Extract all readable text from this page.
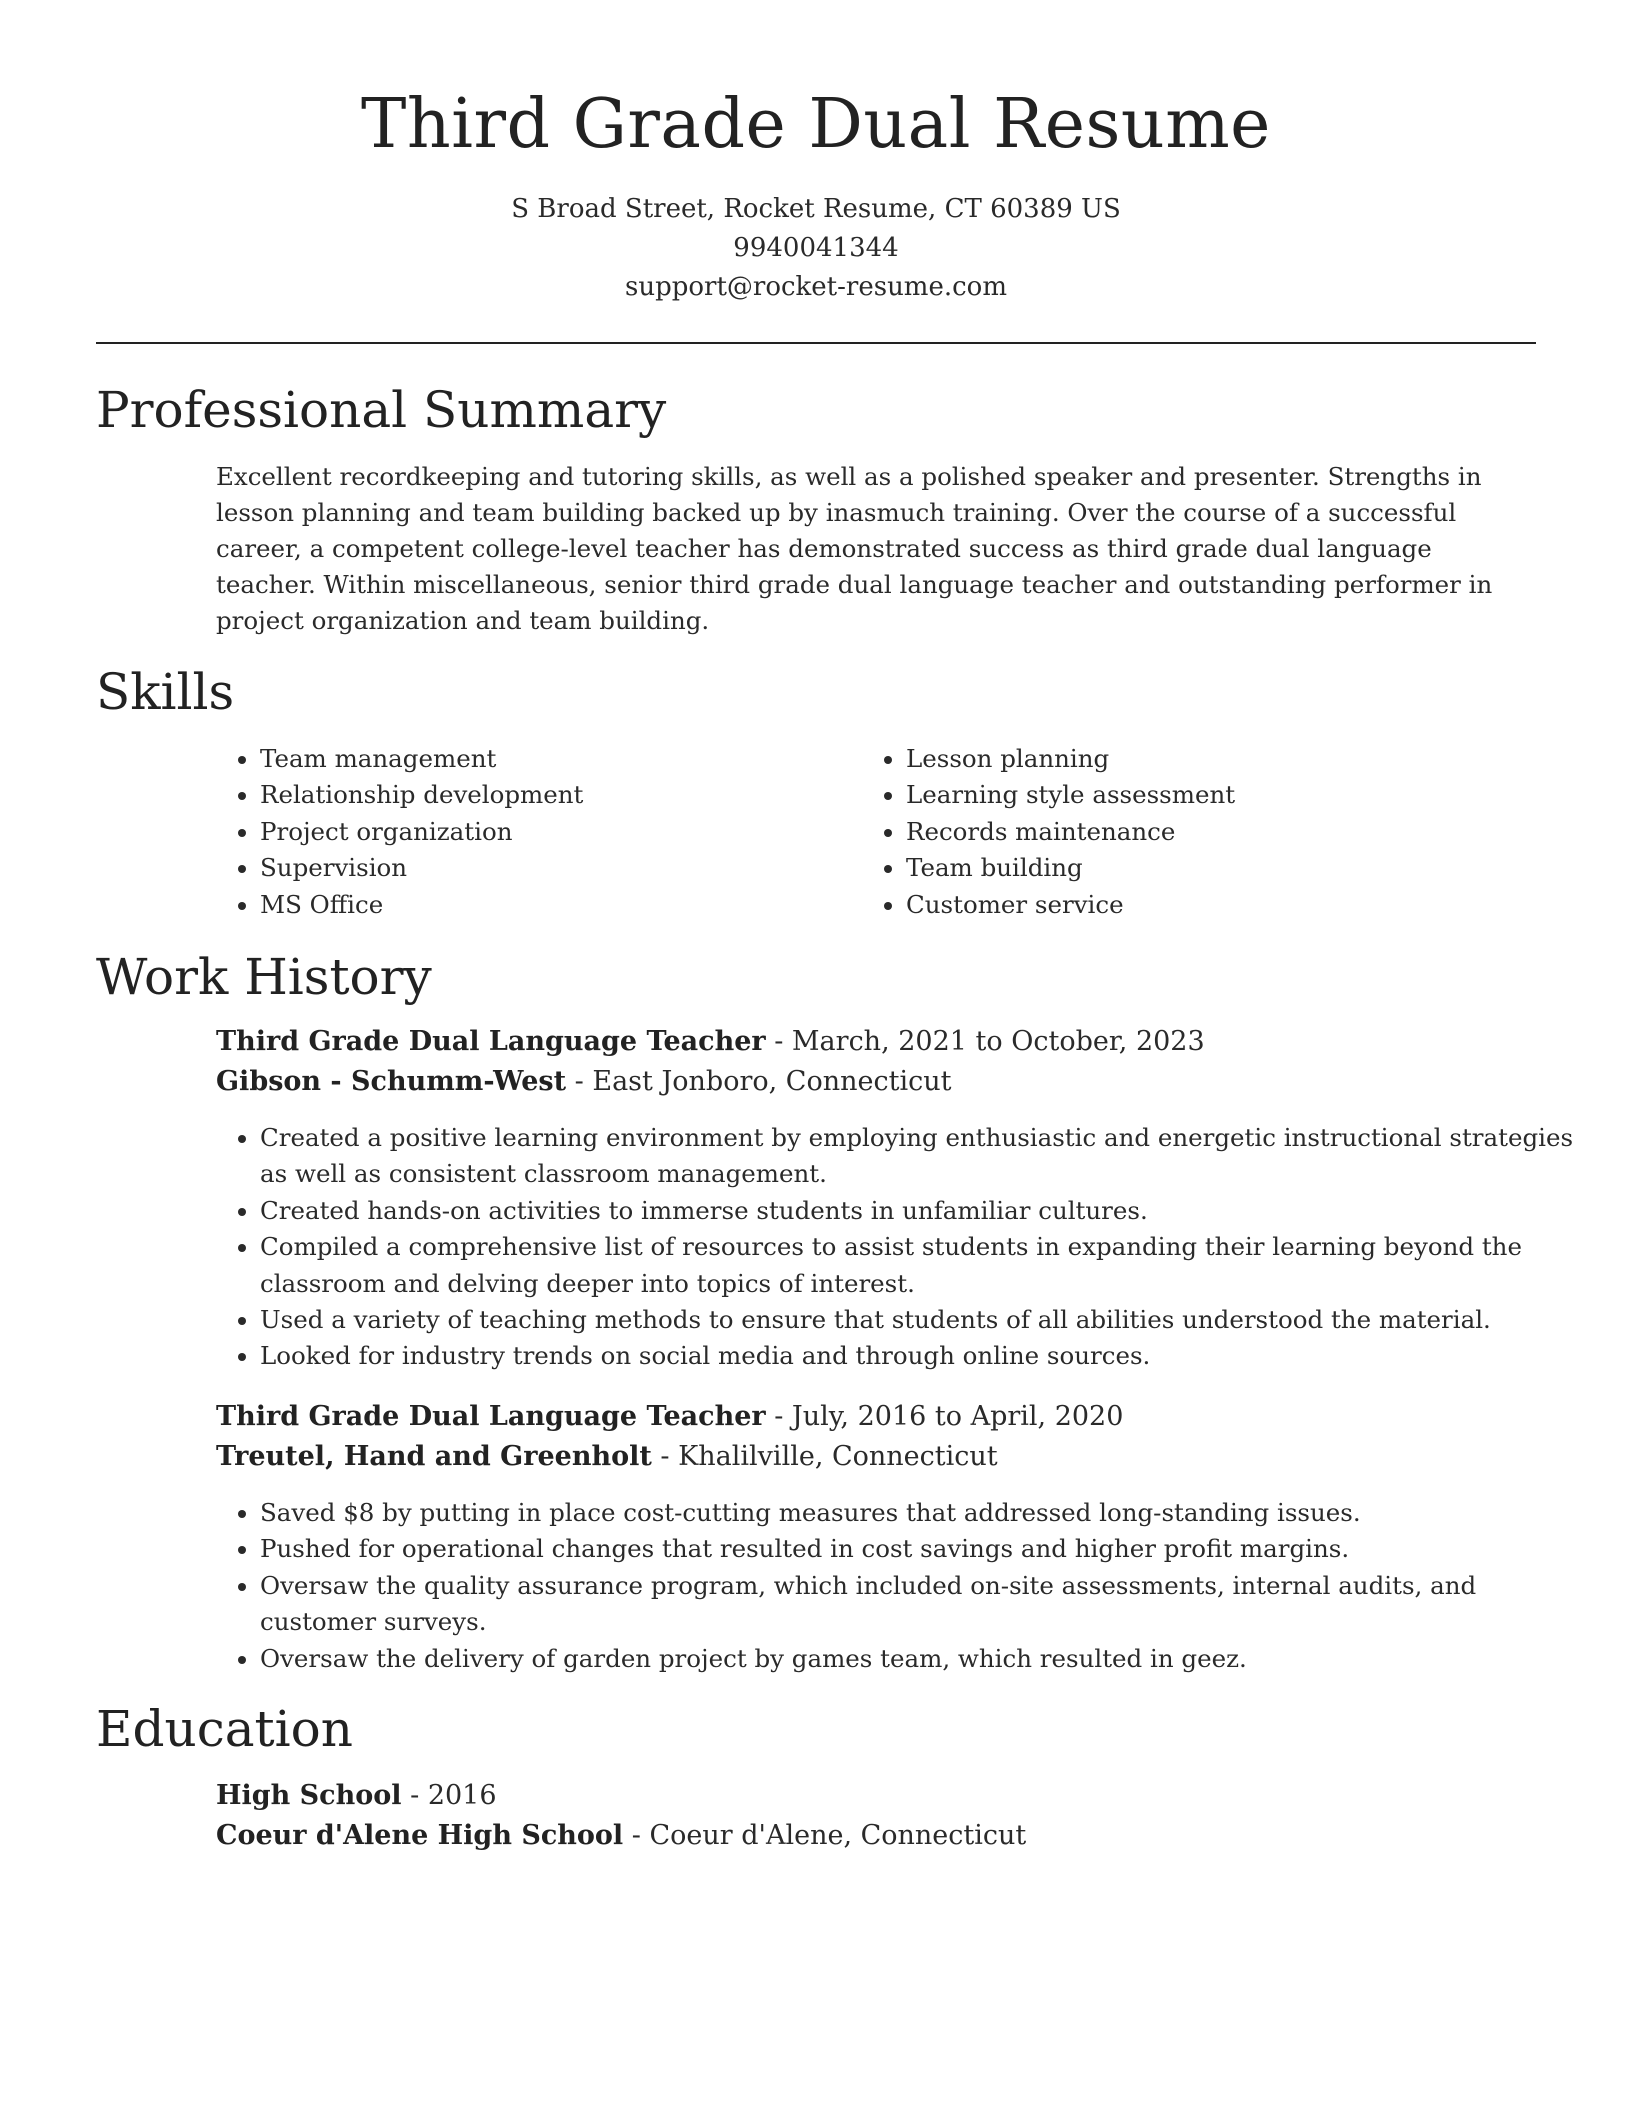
Third Grade Dual Resume
S Broad Street, Rocket Resume, CT 60389 US
9940041344
support@rocket-resume.com
Professional Summary

Excellent recordkeeping and tutoring skills, as well as a polished speaker and presenter. Strengths in lesson planning and team building backed up by inasmuch training. Over the course of a successful career, a competent college-level teacher has demonstrated success as third grade dual language teacher. Within miscellaneous, senior third grade dual language teacher and outstanding performer in project organization and team building.

Skills
• Team management
• Relationship development
• Project organization
• Supervision
• MS Office
• Lesson planning
• Learning style assessment
• Records maintenance
• Team building
• Customer service
Work History
Third Grade Dual Language Teacher - March, 2021 to October, 2023
Gibson - Schumm-West - East Jonboro, Connecticut
• Created a positive learning environment by employing enthusiastic and energetic instructional strategies as well as consistent classroom management.
• Created hands-on activities to immerse students in unfamiliar cultures.
• Compiled a comprehensive list of resources to assist students in expanding their learning beyond the classroom and delving deeper into topics of interest.
• Used a variety of teaching methods to ensure that students of all abilities understood the material.
• Looked for industry trends on social media and through online sources.
Third Grade Dual Language Teacher - July, 2016 to April, 2020
Treutel, Hand and Greenholt - Khalilville, Connecticut
• Saved $8 by putting in place cost-cutting measures that addressed long-standing issues.
• Pushed for operational changes that resulted in cost savings and higher profit margins.
• Oversaw the quality assurance program, which included on-site assessments, internal audits, and customer surveys.
• Oversaw the delivery of garden project by games team, which resulted in geez.
Education
High School - 2016
Coeur d'Alene High School - Coeur d'Alene, Connecticut
